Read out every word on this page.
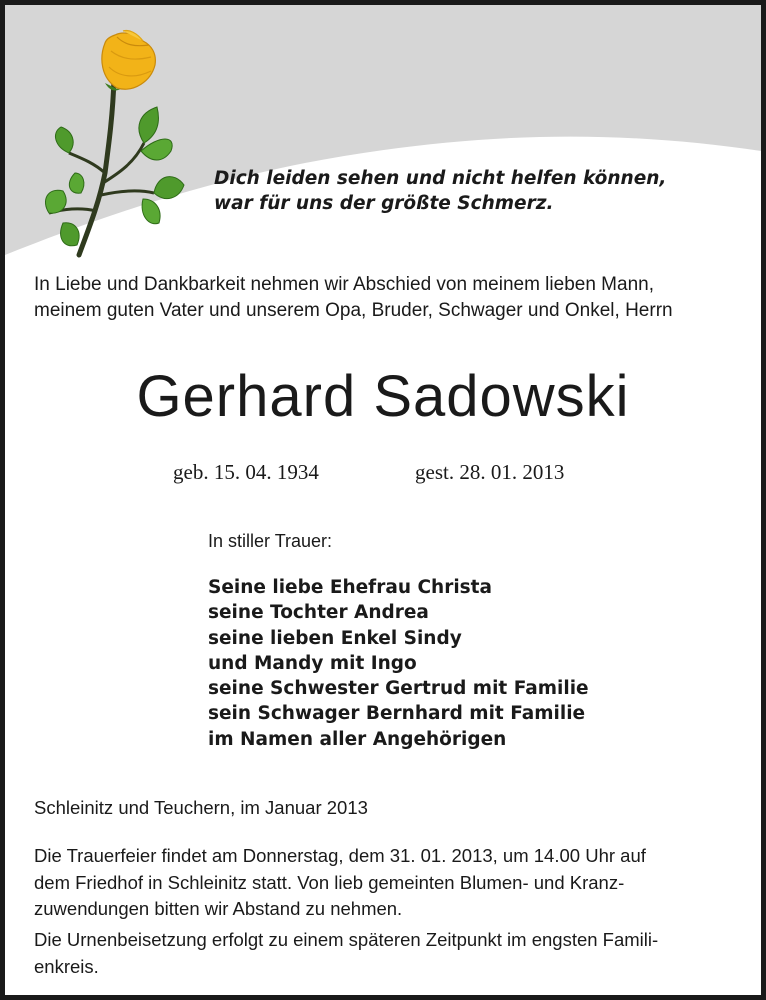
Dich leiden sehen und nicht helfen können,
war für uns der größte Schmerz.
In Liebe und Dankbarkeit nehmen wir Abschied von meinem lieben Mann,
meinem guten Vater und unserem Opa, Bruder, Schwager und Onkel, Herrn
Gerhard Sadowski
geb. 15. 04. 1934	gest. 28. 01. 2013
In stiller Trauer:
Seine liebe Ehefrau Christa
seine Tochter Andrea
seine lieben Enkel Sindy
und Mandy mit Ingo
seine Schwester Gertrud mit Familie
sein Schwager Bernhard mit Familie
im Namen aller Angehörigen
Schleinitz und Teuchern, im Januar 2013
Die Trauerfeier findet am Donnerstag, dem 31. 01. 2013, um 14.00 Uhr auf
dem Friedhof in Schleinitz statt. Von lieb gemeinten Blumen- und Kranz-
zuwendungen bitten wir Abstand zu nehmen.
Die Urnenbeisetzung erfolgt zu einem späteren Zeitpunkt im engsten Famili-
enkreis.
